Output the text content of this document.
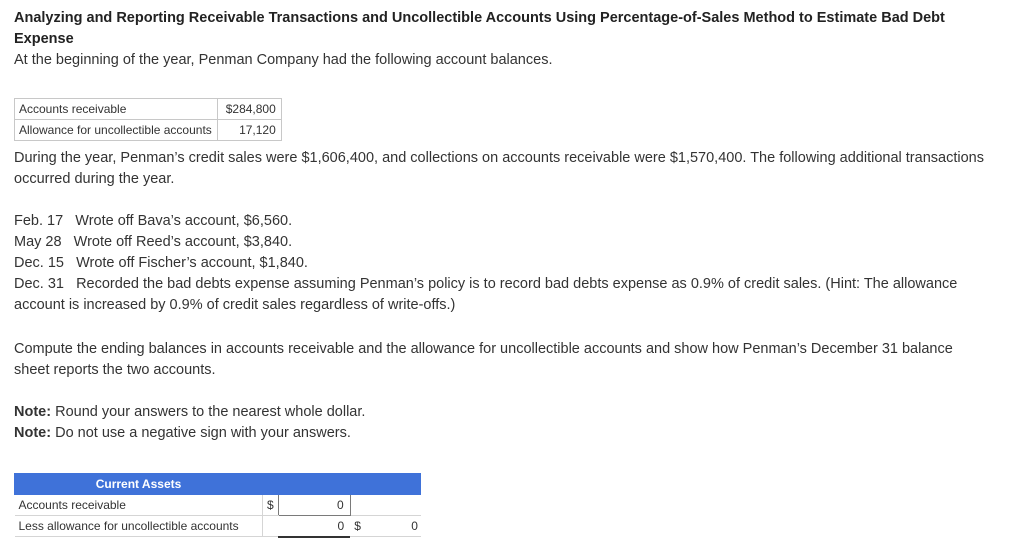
Analyzing and Reporting Receivable Transactions and Uncollectible Accounts Using Percentage-of-Sales Method to Estimate Bad Debt
Expense
At the beginning of the year, Penman Company had the following account balances.
Accounts receivable	$284,800
Allowance for uncollectible accounts	17,120
During the year, Penman’s credit sales were $1,606,400, and collections on accounts receivable were $1,570,400. The following additional transactions
occurred during the year.
Feb. 17 Wrote off Bava’s account, $6,560.
May 28 Wrote off Reed’s account, $3,840.
Dec. 15 Wrote off Fischer’s account, $1,840.
Dec. 31 Recorded the bad debts expense assuming Penman’s policy is to record bad debts expense as 0.9% of credit sales. (Hint: The allowance
account is increased by 0.9% of credit sales regardless of write-offs.)
Compute the ending balances in accounts receivable and the allowance for uncollectible accounts and show how Penman’s December 31 balance
sheet reports the two accounts.
Note: Round your answers to the nearest whole dollar.
Note: Do not use a negative sign with your answers.
Current Assets				
Accounts receivable	$	0		
Less allowance for uncollectible accounts		0	$	0
